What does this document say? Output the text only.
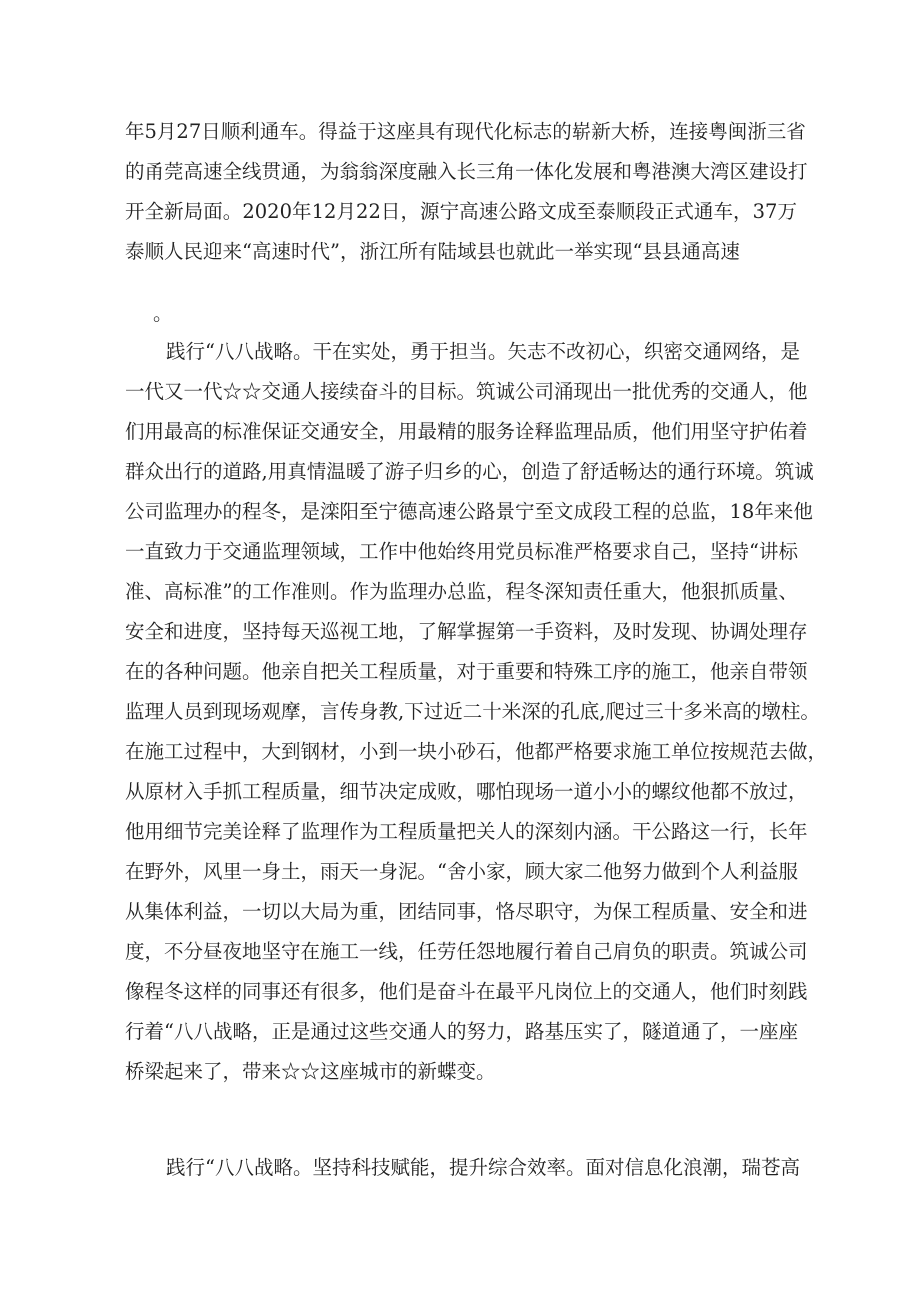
年5月27日顺利通车。得益于这座具有现代化标志的崭新大桥，连接粤闽浙三省
的甬莞高速全线贯通，为翁翁深度融入长三角一体化发展和粤港澳大湾区建设打
开全新局面。2020年12月22日，源宁高速公路文成至泰顺段正式通车，37万
泰顺人民迎来“高速时代”，浙江所有陆域县也就此一举实现“县县通高速
。
践行“八八战略。干在实处，勇于担当。矢志不改初心，织密交通网络，是
一代又一代☆☆交通人接续奋斗的目标。筑诚公司涌现出一批优秀的交通人，他
们用最高的标准保证交通安全，用最精的服务诠释监理品质，他们用坚守护佑着
群众出行的道路,用真情温暖了游子归乡的心，创造了舒适畅达的通行环境。筑诚
公司监理办的程冬，是滦阳至宁德高速公路景宁至文成段工程的总监，18年来他
一直致力于交通监理领域，工作中他始终用党员标准严格要求自己，坚持“讲标
准、高标准”的工作准则。作为监理办总监，程冬深知责任重大，他狠抓质量、
安全和进度，坚持每天巡视工地，了解掌握第一手资料，及时发现、协调处理存
在的各种问题。他亲自把关工程质量，对于重要和特殊工序的施工，他亲自带领
监理人员到现场观摩，言传身教,下过近二十米深的孔底,爬过三十多米高的墩柱。
在施工过程中，大到钢材，小到一块小砂石，他都严格要求施工单位按规范去做，
从原材入手抓工程质量，细节决定成败，哪怕现场一道小小的螺纹他都不放过，
他用细节完美诠释了监理作为工程质量把关人的深刻内涵。干公路这一行，长年
在野外，风里一身土，雨天一身泥。“舍小家，顾大家二他努力做到个人利益服
从集体利益，一切以大局为重，团结同事，恪尽职守，为保工程质量、安全和进
度，不分昼夜地坚守在施工一线，任劳任怨地履行着自己肩负的职责。筑诚公司
像程冬这样的同事还有很多，他们是奋斗在最平凡岗位上的交通人，他们时刻践
行着“八八战略，正是通过这些交通人的努力，路基压实了，隧道通了，一座座
桥梁起来了，带来☆☆这座城市的新蝶变。
践行“八八战略。坚持科技赋能，提升综合效率。面对信息化浪潮，瑞苍高
